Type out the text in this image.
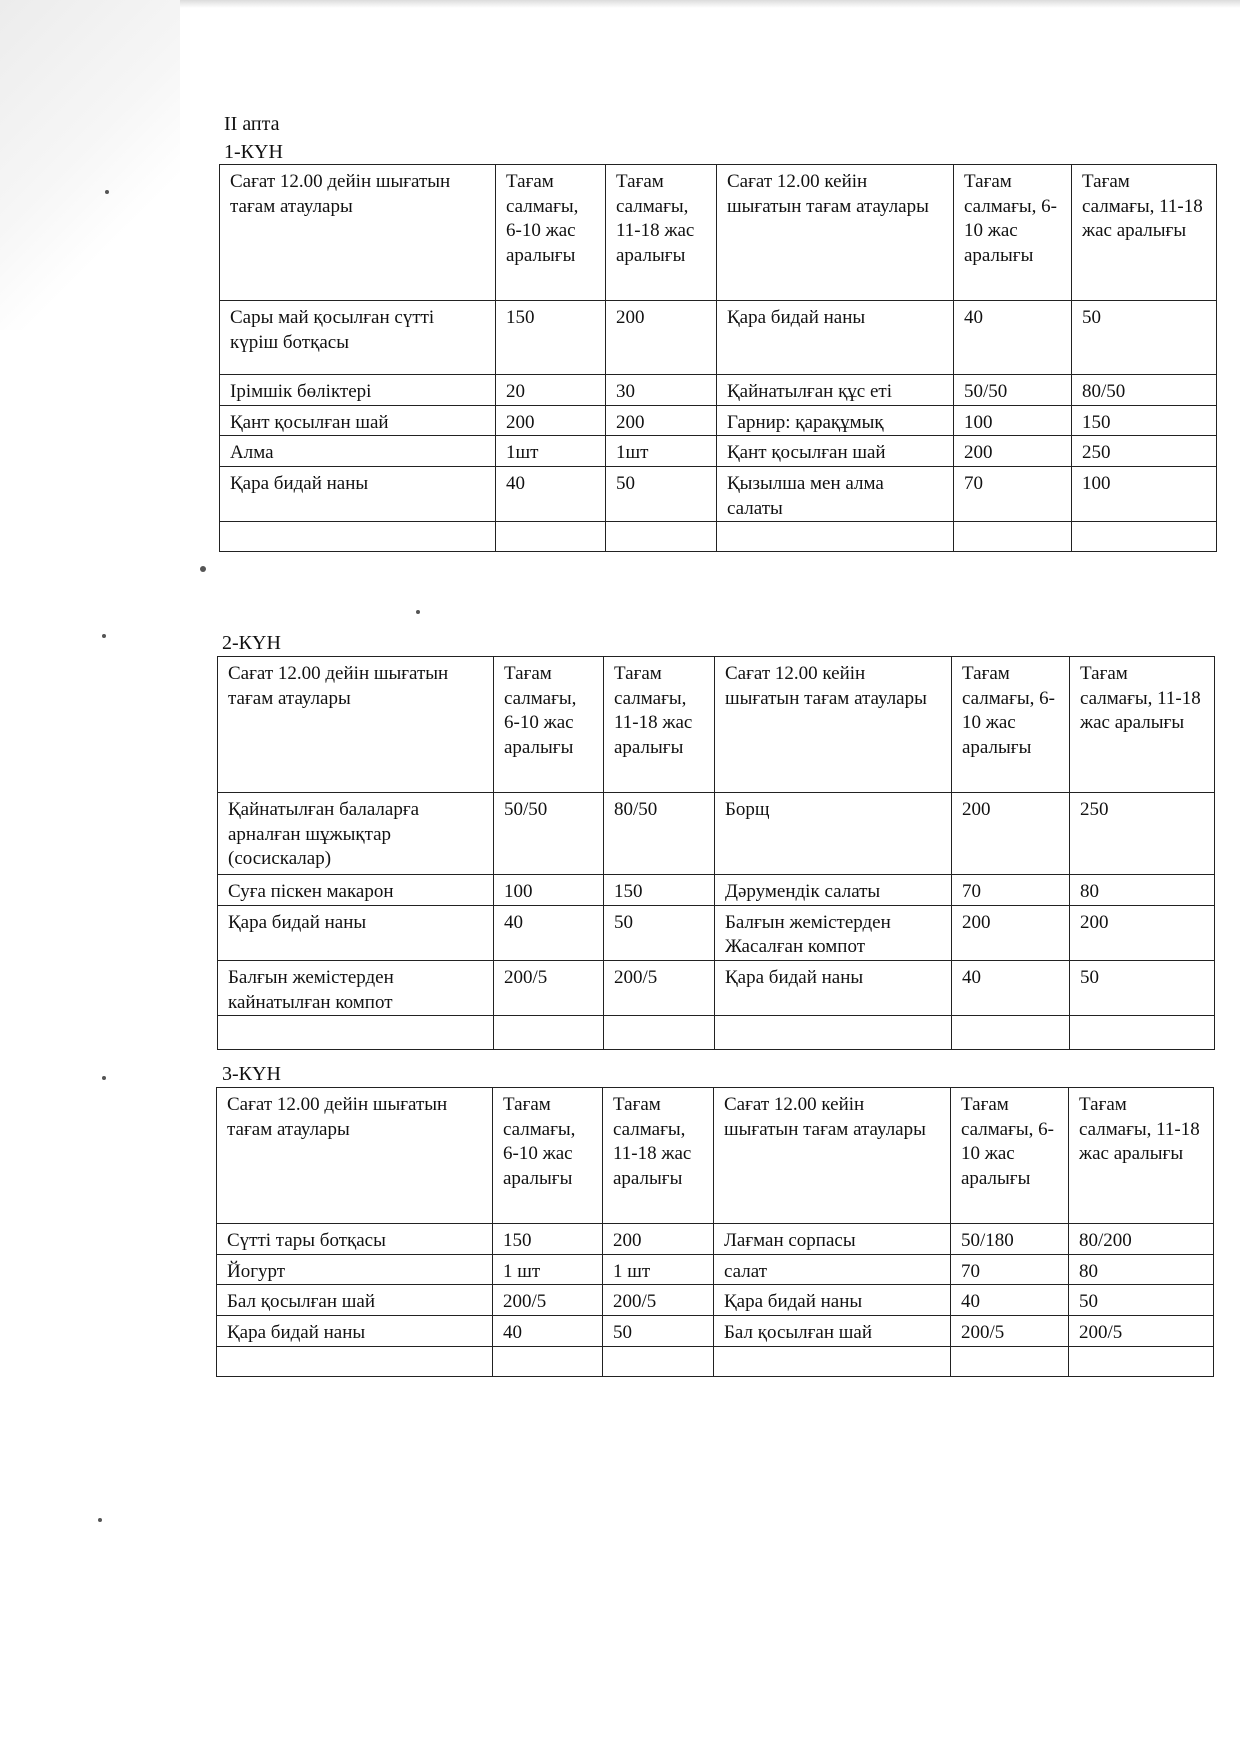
II апта
1-КҮН
Сағат 12.00 дейін шығатын тағам атаулары	Тағам салмағы, 6-10 жас аралығы	Тағам салмағы, 11-18 жас аралығы	Сағат 12.00 кейін шығатын тағам атаулары	Тағам салмағы, 6-10 жас аралығы	Тағам салмағы, 11-18 жас аралығы
Сары май қосылған сүтті күріш ботқасы	150	200	Қара бидай наны	40	50
Ірімшік бөліктері	20	30	Қайнатылған құс еті	50/50	80/50
Қант қосылған шай	200	200	Гарнир: қарақұмық	100	150
Алма	1шт	1шт	Қант қосылған шай	200	250
Қара бидай наны	40	50	Қызылша мен алма салаты	70	100

2-КҮН
Сағат 12.00 дейін шығатын тағам атаулары	Тағам салмағы, 6-10 жас аралығы	Тағам салмағы, 11-18 жас аралығы	Сағат 12.00 кейін шығатын тағам атаулары	Тағам салмағы, 6-10 жас аралығы	Тағам салмағы, 11-18 жас аралығы
Қайнатылған балаларға арналған шұжықтар (сосискалар)	50/50	80/50	Борщ	200	250
Суға піскен макарон	100	150	Дәрумендік салаты	70	80
Қара бидай наны	40	50	Балғын жемістерден Жасалған компот	200	200
Балғын жемістерден кайнатылған компот	200/5	200/5	Қара бидай наны	40	50

3-КҮН
Сағат 12.00 дейін шығатын тағам атаулары	Тағам салмағы, 6-10 жас аралығы	Тағам салмағы, 11-18 жас аралығы	Сағат 12.00 кейін шығатын тағам атаулары	Тағам салмағы, 6-10 жас аралығы	Тағам салмағы, 11-18 жас аралығы
Сүтті тары ботқасы	150	200	Лағман сорпасы	50/180	80/200
Йогурт	1 шт	1 шт	салат	70	80
Бал қосылған шай	200/5	200/5	Қара бидай наны	40	50
Қара бидай наны	40	50	Бал қосылған шай	200/5	200/5
